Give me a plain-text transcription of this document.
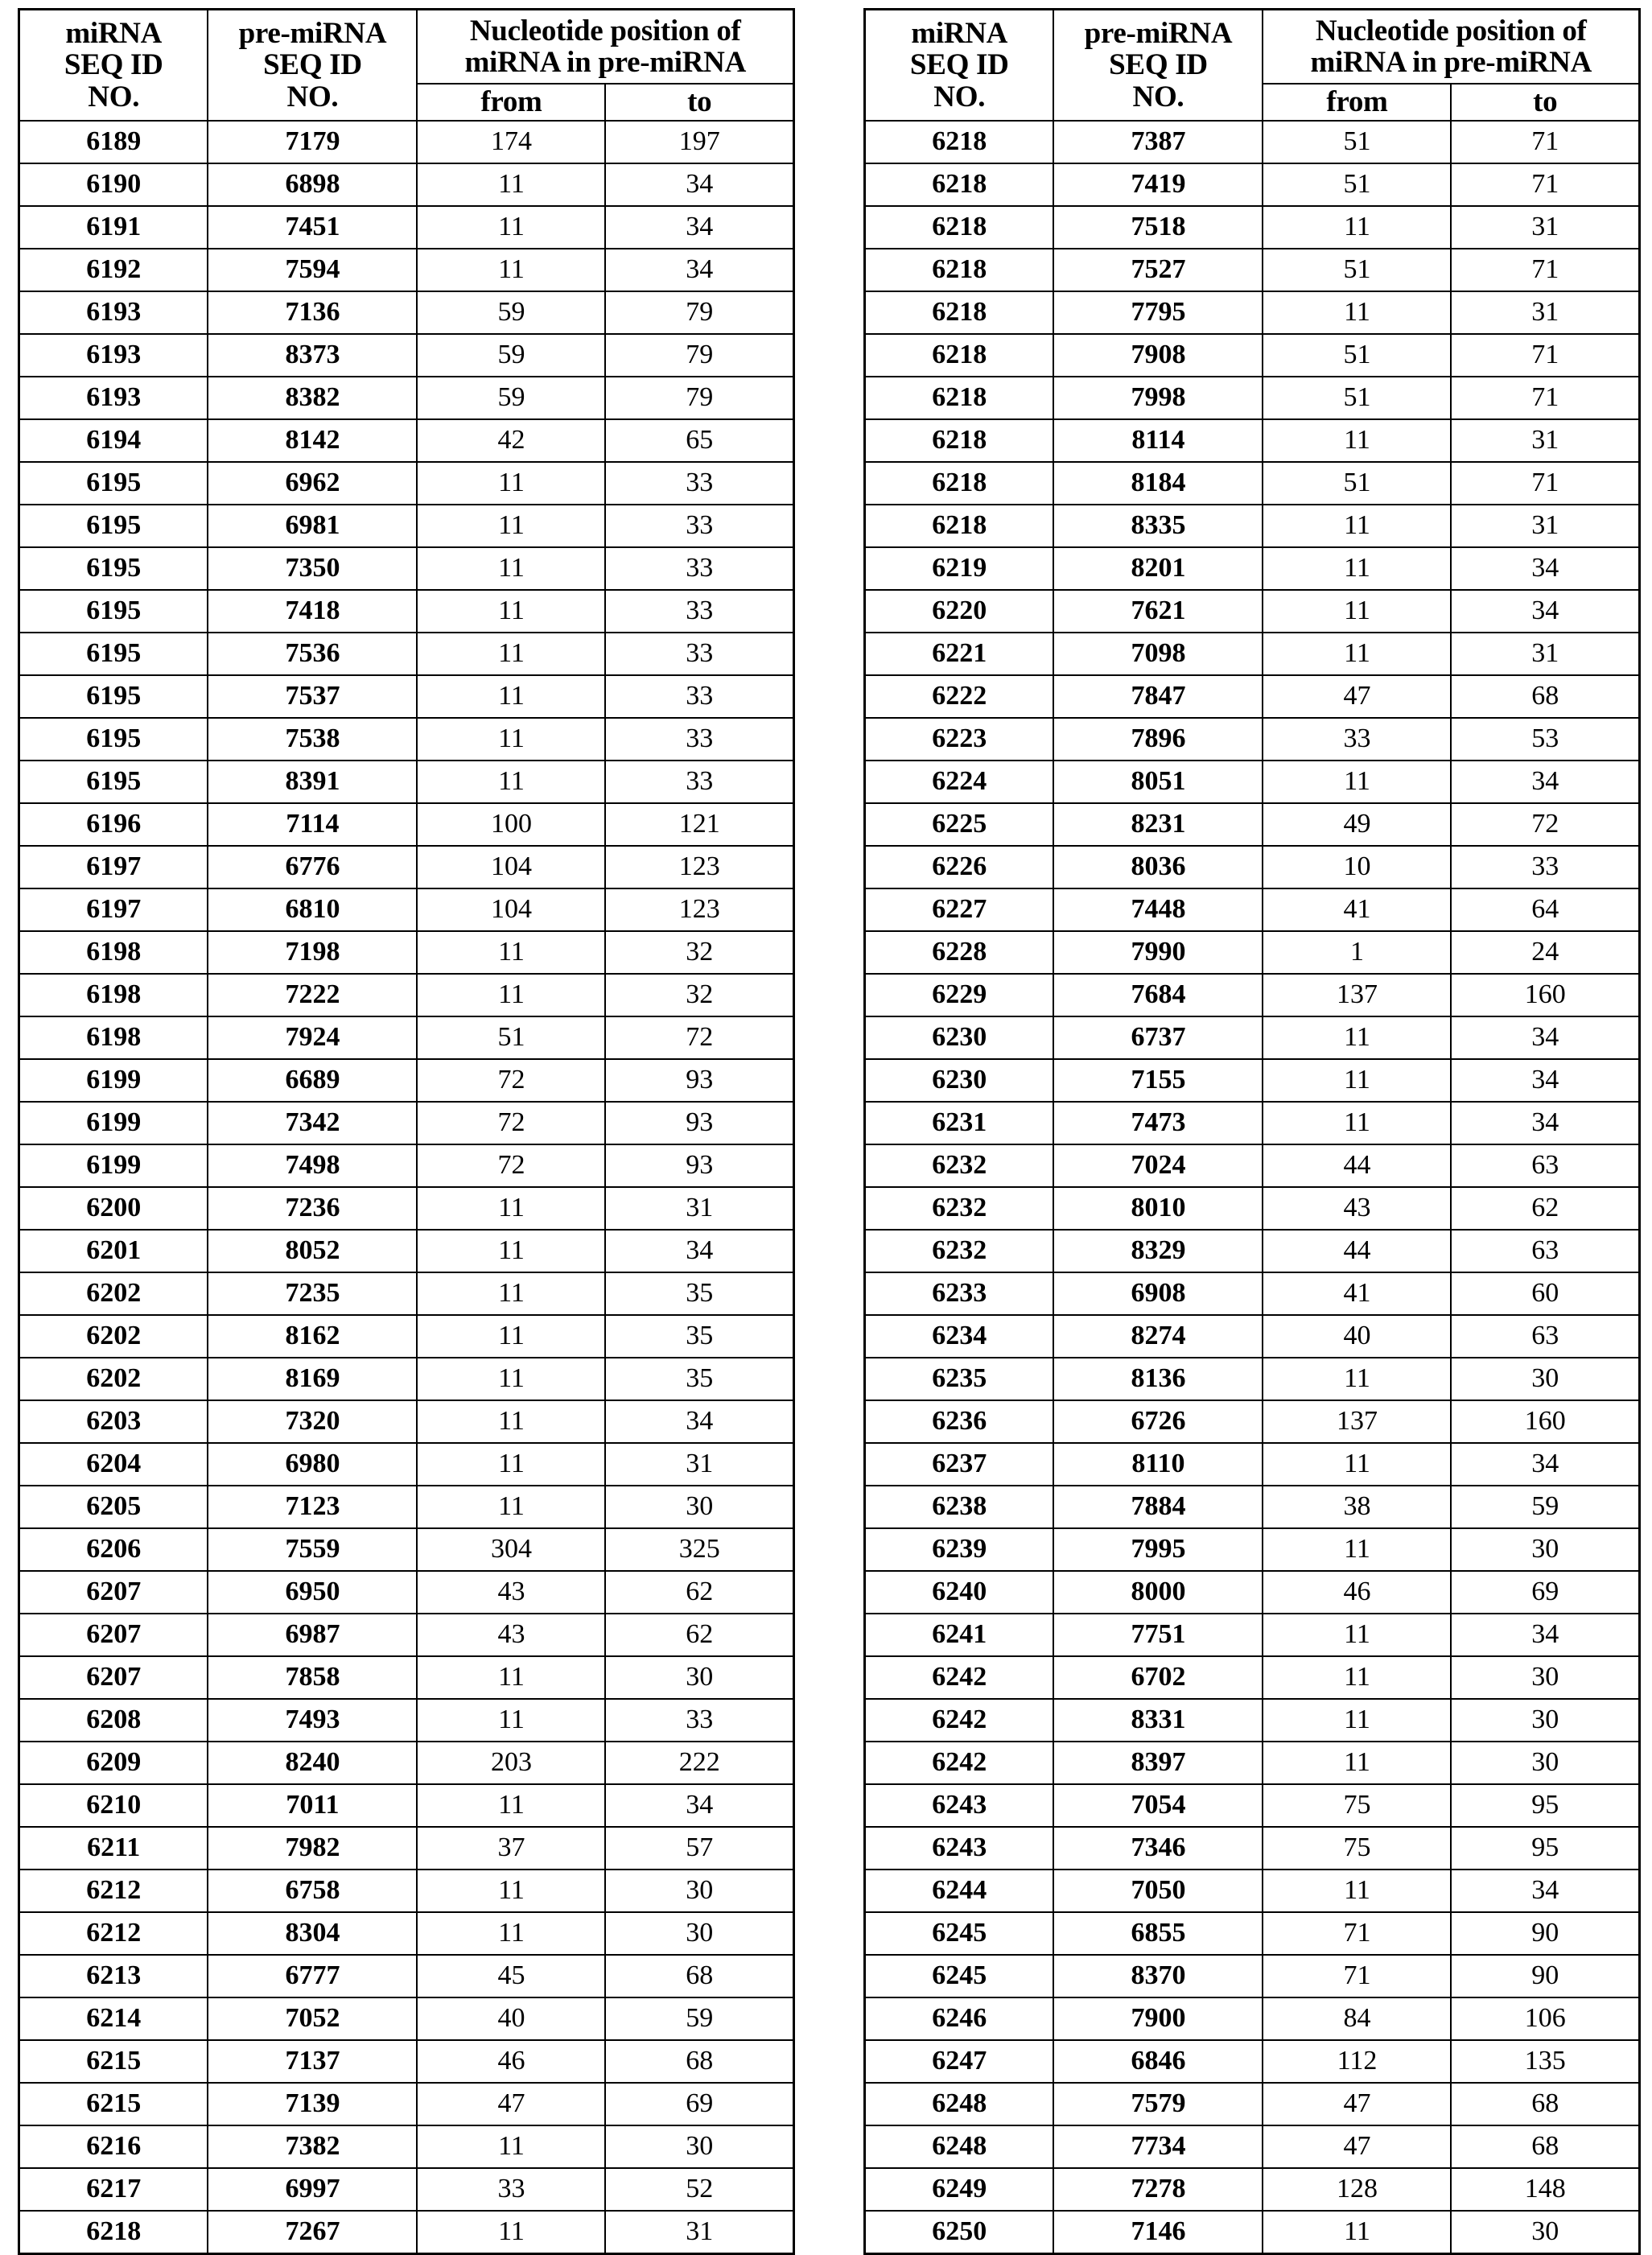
miRNA
SEQ ID
NO.	pre-miRNA
SEQ ID
NO.	Nucleotide position of
miRNA in pre-miRNA	

		from	to

6189	7179	174	197
6190	6898	11	34
6191	7451	11	34
6192	7594	11	34
6193	7136	59	79
6193	8373	59	79
6193	8382	59	79
6194	8142	42	65
6195	6962	11	33
6195	6981	11	33
6195	7350	11	33
6195	7418	11	33
6195	7536	11	33
6195	7537	11	33
6195	7538	11	33
6195	8391	11	33
6196	7114	100	121
6197	6776	104	123
6197	6810	104	123
6198	7198	11	32
6198	7222	11	32
6198	7924	51	72
6199	6689	72	93
6199	7342	72	93
6199	7498	72	93
6200	7236	11	31
6201	8052	11	34
6202	7235	11	35
6202	8162	11	35
6202	8169	11	35
6203	7320	11	34
6204	6980	11	31
6205	7123	11	30
6206	7559	304	325
6207	6950	43	62
6207	6987	43	62
6207	7858	11	30
6208	7493	11	33
6209	8240	203	222
6210	7011	11	34
6211	7982	37	57
6212	6758	11	30
6212	8304	11	30
6213	6777	45	68
6214	7052	40	59
6215	7137	46	68
6215	7139	47	69
6216	7382	11	30
6217	6997	33	52
6218	7267	11	31
miRNA
SEQ ID
NO.	pre-miRNA
SEQ ID
NO.	Nucleotide position of
miRNA in pre-miRNA	

		from	to

6218	7387	51	71
6218	7419	51	71
6218	7518	11	31
6218	7527	51	71
6218	7795	11	31
6218	7908	51	71
6218	7998	51	71
6218	8114	11	31
6218	8184	51	71
6218	8335	11	31
6219	8201	11	34
6220	7621	11	34
6221	7098	11	31
6222	7847	47	68
6223	7896	33	53
6224	8051	11	34
6225	8231	49	72
6226	8036	10	33
6227	7448	41	64
6228	7990	1	24
6229	7684	137	160
6230	6737	11	34
6230	7155	11	34
6231	7473	11	34
6232	7024	44	63
6232	8010	43	62
6232	8329	44	63
6233	6908	41	60
6234	8274	40	63
6235	8136	11	30
6236	6726	137	160
6237	8110	11	34
6238	7884	38	59
6239	7995	11	30
6240	8000	46	69
6241	7751	11	34
6242	6702	11	30
6242	8331	11	30
6242	8397	11	30
6243	7054	75	95
6243	7346	75	95
6244	7050	11	34
6245	6855	71	90
6245	8370	71	90
6246	7900	84	106
6247	6846	112	135
6248	7579	47	68
6248	7734	47	68
6249	7278	128	148
6250	7146	11	30
